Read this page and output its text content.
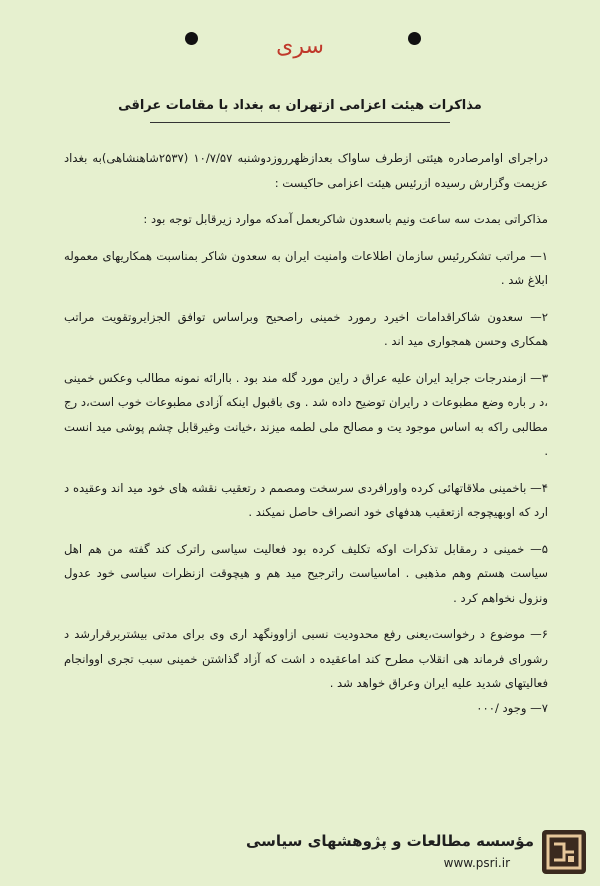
سری
مذاكرات هيئت اعزامی ازتهران به بغداد با مقامات عراقی

دراجرای اوامرصادره هیئتی ازطرف ساواک بعدازظهرروزدوشنبه ۱۰/۷/۵۷ (۲۵۳۷شاهنشاهی)به بغداد عزیمت وگزارش رسیده ازرئیس هیئت اعزامی حاکیست :

مذاکراتی بمدت سه ساعت ونیم باسعدون شاکربعمل آمدکه موارد زیرقابل توجه بود :

۱— مراتب تشکررئیس سازمان اطلاعات وامنیت ایران به سعدون شاکر بمناسبت همکاریهای معموله ابلاغ شد .

۲— سعدون شاکراقدامات اخیرد رمورد خمینی راصحیح وبراساس توافق الجزایروتقویت مراتب همکاری وحسن همجواری مید اند .

۳— ازمندرجات جراید ایران علیه عراق د راین مورد گله مند بود . باارائه نمونه مطالب وعکس خمینی ،د ر باره وضع مطبوعات د رایران توضیح داده شد . وی باقبول اینکه آزادی مطبوعات خوب است،د رج مطالبی راکه به اساس موجود یت و مصالح ملی لطمه میزند ،خیانت وغیرقابل چشم پوشی مید انست .

۴— باخمینی ملاقاتهائی کرده واورافردی سرسخت ومصمم د رتعقیب نقشه های خود مید اند وعقیده د ارد که اوبهیچوجه ازتعقیب هدفهای خود انصراف حاصل نمیکند .

۵— خمینی د رمقابل تذکرات اوکه تکلیف کرده بود فعالیت سیاسی راترک کند گفته من هم اهل سیاست هستم وهم مذهبی . اماسیاست راترجیح مید هم و هیچوقت ازنظرات سیاسی خود عدول ونزول نخواهم کرد .

۶— موضوع د رخواست،یعنی رفع محدودیت نسبی ازاوونگهد اری وی برای مدتی بیشتربرقرارشد د رشورای فرماند هی انقلاب مطرح کند اماعقیده د اشت که آزاد گذاشتن خمینی سبب تجری اووانجام فعالیتهای شدید علیه ایران وعراق خواهد شد .

۷— وجود /۰۰۰

مؤسسه مطالعات و پژوهشهای سیاسی
www.psri.ir
